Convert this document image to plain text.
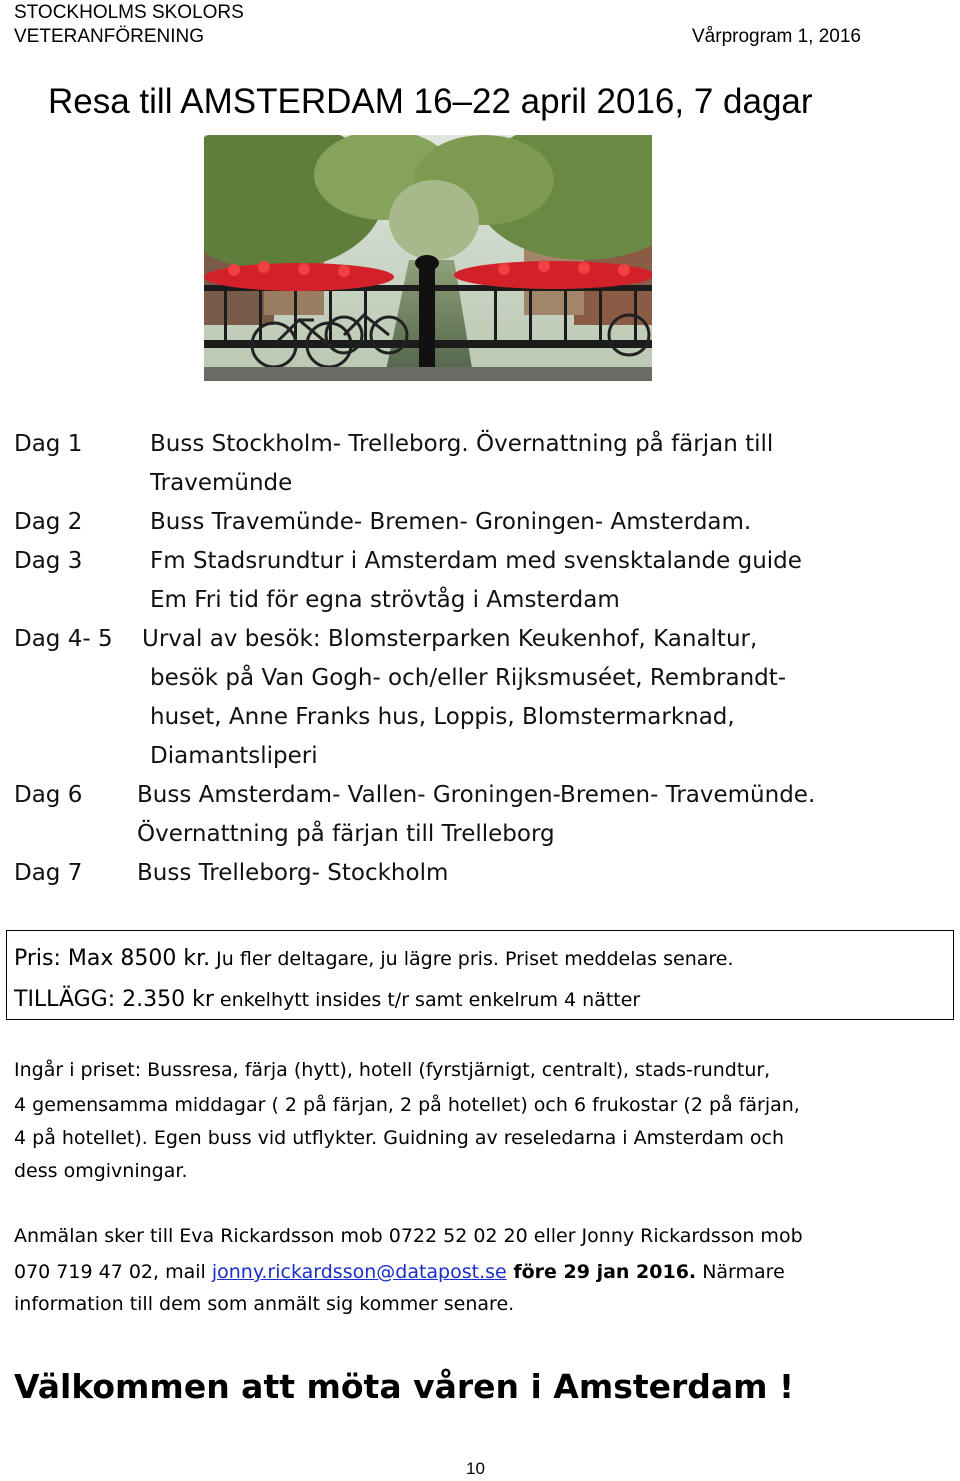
STOCKHOLMS SKOLORS
VETERANFÖRENING	Vårprogram 1, 2016
Resa till AMSTERDAM 16–22 april 2016, 7 dagar
Dag 1	Buss Stockholm- Trelleborg. Övernattning på färjan till
Travemünde
Dag 2	Buss Travemünde- Bremen- Groningen- Amsterdam.
Dag 3	Fm Stadsrundtur i Amsterdam med svensktalande guide
Em Fri tid för egna strövtåg i Amsterdam
Dag 4- 5 Urval av besök: Blomsterparken Keukenhof, Kanaltur,
besök på Van Gogh- och/eller Rijksmuséet, Rembrandt-
huset, Anne Franks hus, Loppis, Blomstermarknad,
Diamantsliperi
Dag 6 Buss Amsterdam- Vallen- Groningen-Bremen- Travemünde.
Övernattning på färjan till Trelleborg
Dag 7 Buss Trelleborg- Stockholm
Pris: Max 8500 kr. Ju fler deltagare, ju lägre pris. Priset meddelas senare.
TILLÄGG: 2.350 kr enkelhytt insides t/r samt enkelrum 4 nätter
Ingår i priset: Bussresa, färja (hytt), hotell (fyrstjärnigt, centralt), stads-rundtur,
4 gemensamma middagar ( 2 på färjan, 2 på hotellet) och 6 frukostar (2 på färjan,
4 på hotellet). Egen buss vid utflykter. Guidning av reseledarna i Amsterdam och
dess omgivningar.
Anmälan sker till Eva Rickardsson mob 0722 52 02 20 eller Jonny Rickardsson mob
070 719 47 02, mail jonny.rickardsson@datapost.se före 29 jan 2016. Närmare
information till dem som anmält sig kommer senare.
Välkommen att möta våren i Amsterdam !
10
